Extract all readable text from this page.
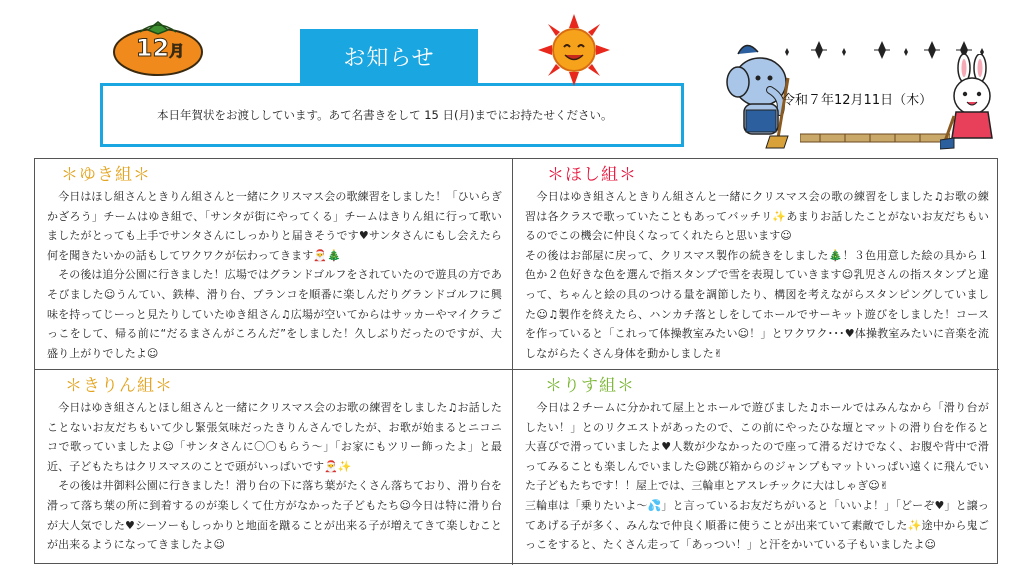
12月	お知らせ
本日年賀状をお渡ししています。あて名書きをして 15 日(月)までにお持たせください。
令和７年12月11日（木）
＊ゆき組＊
　今日はほし組さんときりん組さんと一緒にクリスマス会の歌練習をしました！「ひいらぎかざろう」チームはゆき組で、「サンタが街にやってくる」チームはきりん組に行って歌いましたがとっても上手でサンタさんにしっかりと届きそうです♥サンタさんにもし会えたら何を聞きたいかの話もしてワクワクが伝わってきます🎅🎄
　その後は追分公園に行きました！広場ではグランドゴルフをされていたので遊具の方であそびました☺うんてい、鉄棒、滑り台、ブランコを順番に楽しんだりグランドゴルフに興味を持ってじーっと見たりしていたゆき組さん♫広場が空いてからはサッカーやマイクラごっこをして、帰る前に“だるまさんがころんだ”をしました！久しぶりだったのですが、大盛り上がりでしたよ☺
＊ほし組＊
　今日はゆき組さんときりん組さんと一緒にクリスマス会の歌の練習をしました♫お歌の練習は各クラスで歌っていたこともあってバッチリ✨あまりお話したことがないお友だちもいるのでこの機会に仲良くなってくれたらと思います☺
その後はお部屋に戻って、クリスマス製作の続きをしました🎄！３色用意した絵の具から１色か２色好きな色を選んで指スタンプで雪を表現していきます☺乳児さんの指スタンプと違って、ちゃんと絵の具のつける量を調節したり、構図を考えながらスタンピングしていました☺♫製作を終えたら、ハンカチ落としをしてホールでサーキット遊びをしました！コースを作っていると「これって体操教室みたい☺！」とワクワク･･･♥体操教室みたいに音楽を流しながらたくさん身体を動かしました✌
＊きりん組＊
　今日はゆき組さんとほし組さんと一緒にクリスマス会のお歌の練習をしました♫お話したことないお友だちもいて少し緊張気味だったきりんさんでしたが、お歌が始まるとニコニコで歌っていましたよ☺「サンタさんに〇〇もらう～」「お家にもツリー飾ったよ」と最近、子どもたちはクリスマスのことで頭がいっぱいです🎅✨
　その後は井御料公園に行きました！滑り台の下に落ち葉がたくさん落ちており、滑り台を滑って落ち葉の所に到着するのが楽しくて仕方がなかった子どもたち☺今日は特に滑り台が大人気でした♥シーソーもしっかりと地面を蹴ることが出来る子が増えてきて楽しむことが出来るようになってきましたよ☺
＊りす組＊
　今日は２チームに分かれて屋上とホールで遊びました♫ホールではみんなから「滑り台がしたい！」とのリクエストがあったので、この前にやったひな壇とマットの滑り台を作ると大喜びで滑っていましたよ♥人数が少なかったので座って滑るだけでなく、お腹や背中で滑ってみることも楽しんでいました☺跳び箱からのジャンプもマットいっぱい遠くに飛んでいた子どもたちです！！屋上では、三輪車とアスレチックに大はしゃぎ☺✌
三輪車は「乗りたいよ～💦」と言っているお友だちがいると「いいよ！」「どーぞ♥」と譲ってあげる子が多く、みんなで仲良く順番に使うことが出来ていて素敵でした✨途中から鬼ごっこをすると、たくさん走って「あっつい！」と汗をかいている子もいましたよ☺
